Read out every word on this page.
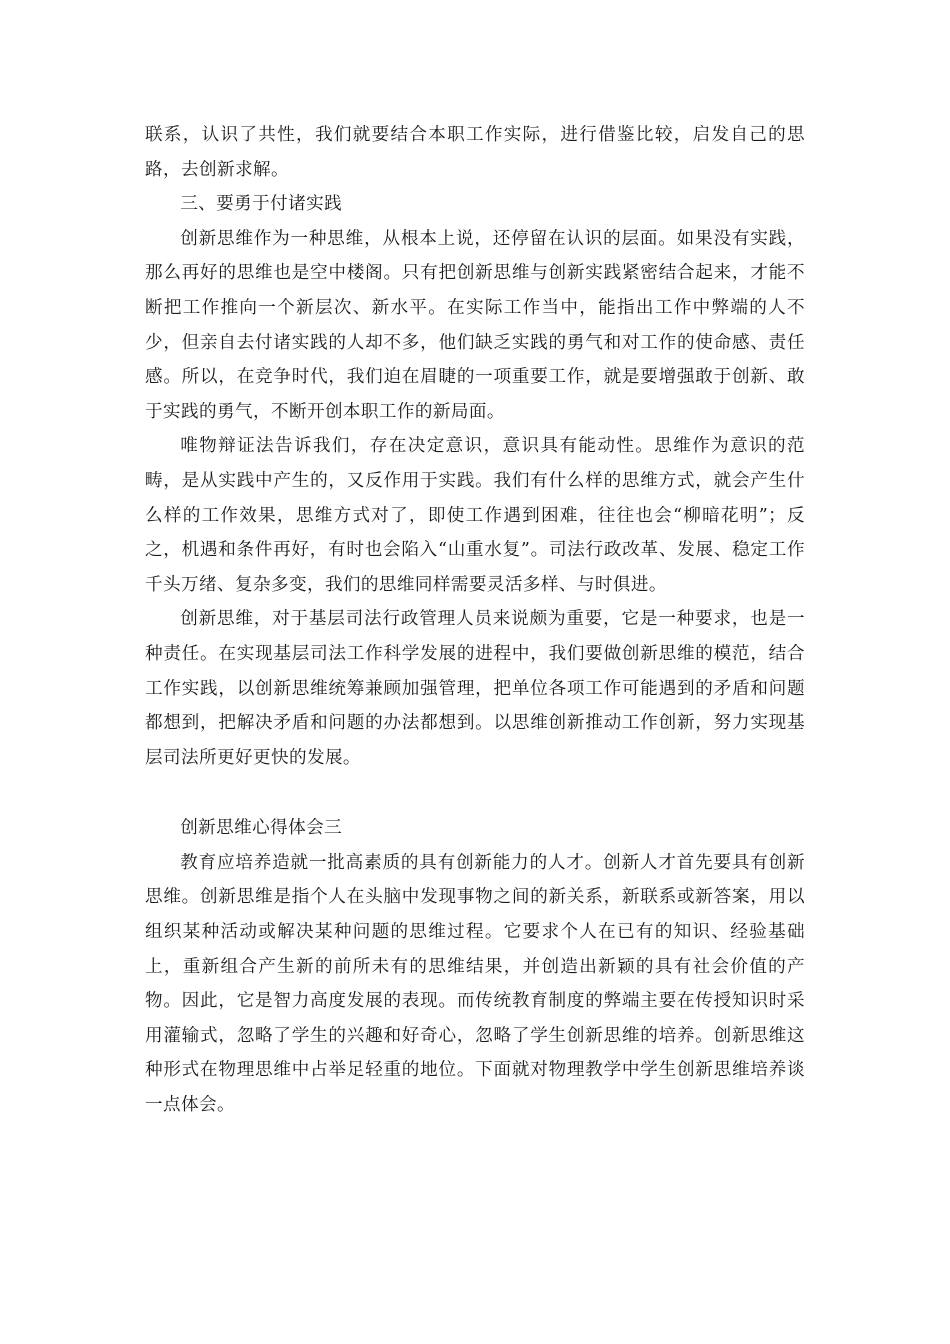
联系，认识了共性，我们就要结合本职工作实际，进行借鉴比较，启发自己的思路，去创新求解。

三、要勇于付诸实践

创新思维作为一种思维，从根本上说，还停留在认识的层面。如果没有实践，那么再好的思维也是空中楼阁。只有把创新思维与创新实践紧密结合起来，才能不断把工作推向一个新层次、新水平。在实际工作当中，能指出工作中弊端的人不少，但亲自去付诸实践的人却不多，他们缺乏实践的勇气和对工作的使命感、责任感。所以，在竞争时代，我们迫在眉睫的一项重要工作，就是要增强敢于创新、敢于实践的勇气，不断开创本职工作的新局面。

唯物辩证法告诉我们，存在决定意识，意识具有能动性。思维作为意识的范畴，是从实践中产生的，又反作用于实践。我们有什么样的思维方式，就会产生什么样的工作效果，思维方式对了，即使工作遇到困难，往往也会“柳暗花明”；反之，机遇和条件再好，有时也会陷入“山重水复”。司法行政改革、发展、稳定工作千头万绪、复杂多变，我们的思维同样需要灵活多样、与时俱进。

创新思维，对于基层司法行政管理人员来说颇为重要，它是一种要求，也是一种责任。在实现基层司法工作科学发展的进程中，我们要做创新思维的模范，结合工作实践，以创新思维统筹兼顾加强管理，把单位各项工作可能遇到的矛盾和问题都想到，把解决矛盾和问题的办法都想到。以思维创新推动工作创新，努力实现基层司法所更好更快的发展。

创新思维心得体会三

教育应培养造就一批高素质的具有创新能力的人才。创新人才首先要具有创新思维。创新思维是指个人在头脑中发现事物之间的新关系，新联系或新答案，用以组织某种活动或解决某种问题的思维过程。它要求个人在已有的知识、经验基础上，重新组合产生新的前所未有的思维结果，并创造出新颖的具有社会价值的产物。因此，它是智力高度发展的表现。而传统教育制度的弊端主要在传授知识时采用灌输式，忽略了学生的兴趣和好奇心，忽略了学生创新思维的培养。创新思维这种形式在物理思维中占举足轻重的地位。下面就对物理教学中学生创新思维培养谈一点体会。
